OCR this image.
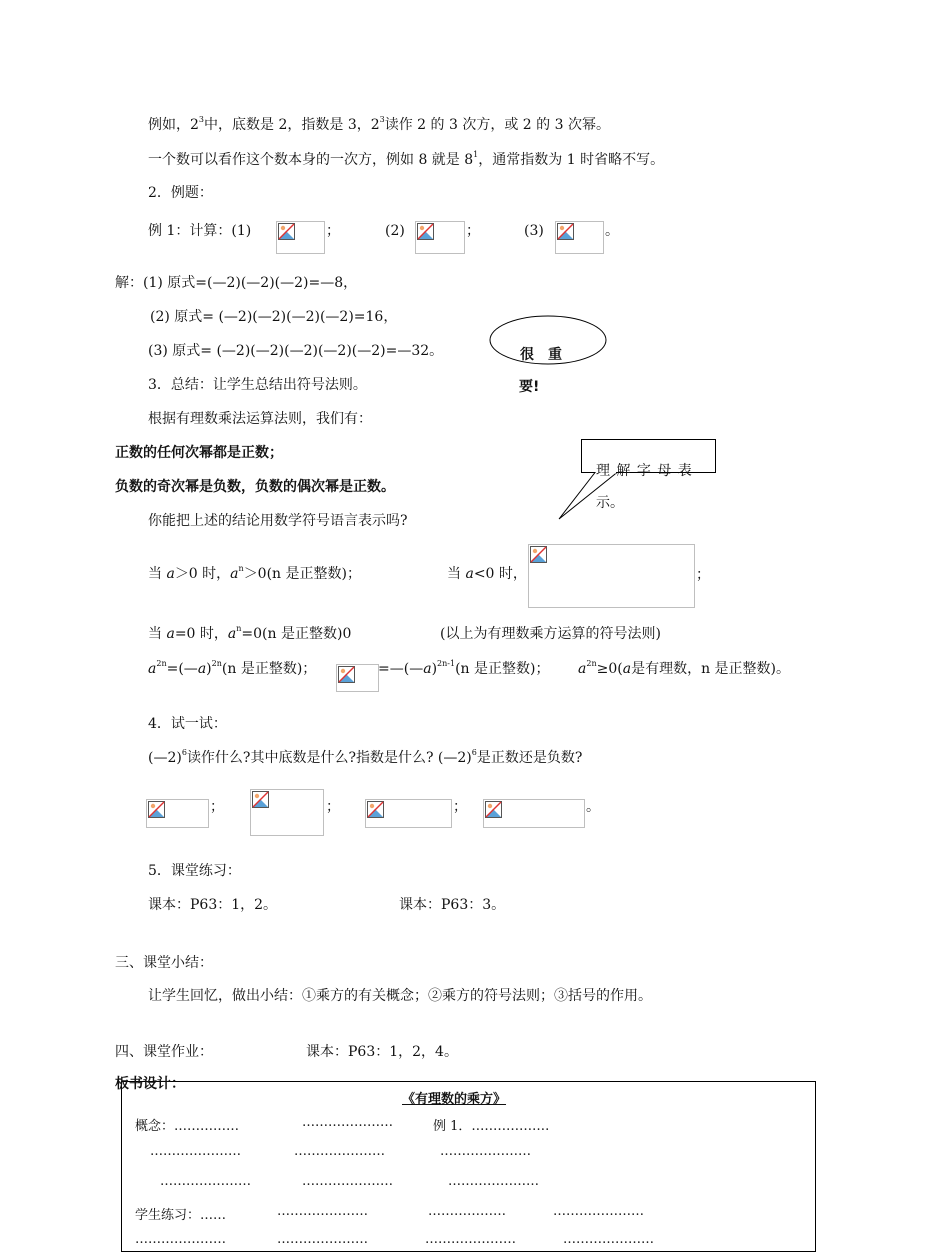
例如，$2^3$中，底数是 2，指数是 3，$2^3$读作 2 的 3 次方，或 2 的 3 次幂。
一个数可以看作这个数本身的一次方，例如 8 就是 $8^1$，通常指数为 1 时省略不写。
2．例题：
例 1：计算：(1)	；	(2)	；	(3)	。
解：(1) 原式=(—2)(—2)(—2)=—8，
(2) 原式= (—2)(—2)(—2)(—2)=16，
(3) 原式= (—2)(—2)(—2)(—2)(—2)=—32。	很　重
3．总结：让学生总结出符号法则。	要!
根据有理数乘法运算法则，我们有：
理 解 字 母 表
示。
正数的任何次幂都是正数；
负数的奇次幂是负数，负数的偶次幂是正数。
你能把上述的结论用数学符号语言表示吗?
当 a＞0 时，$a^n>0(n$ 是正整数)；	当 a<0 时，	；
当 a=0 时，$a^n=0(n$ 是正整数)0	(以上为有理数乘方运算的符号法则)
$a^{2n}=(—a)^{2n}(n$ 是正整数)；	=—(—a)$^{2n-1}$(n 是正整数)； $a^{2n}\ge 0(a$是有理数，n 是正整数)。
4．试一试：
(—2)$^6$读作什么?其中底数是什么?指数是什么? (—2)$^6$是正数还是负数?
；	；	；	。
5．课堂练习：
课本：P63：1，2。	课本：P63：3。
三、课堂小结：
让学生回忆，做出小结：①乘方的有关概念；②乘方的符号法则；③括号的作用。
四、课堂作业：	课本：P63：1，2，4。
《有理数的乘方》
概念：……………	…………………	例 1．………………
…………………	…………………	…………………
…………………	…………………	…………………
学生练习：……	…………………	………………	…………………
…………………	…………………	…………………	…………………
板书设计：
